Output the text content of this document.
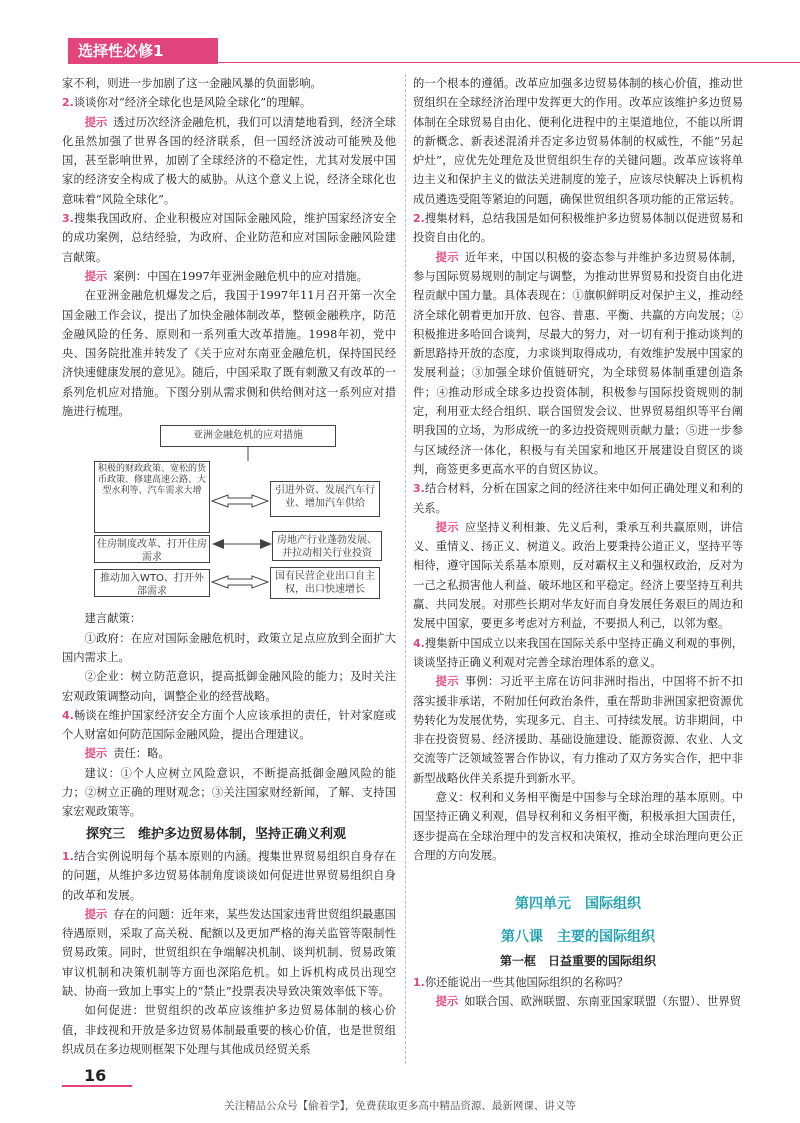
选择性必修1

家不利，则进一步加剧了这一金融风暴的负面影响。

2.谈谈你对“经济全球化也是风险全球化”的理解。

提示 透过历次经济金融危机，我们可以清楚地看到，经济全球化虽然加强了世界各国的经济联系，但一国经济波动可能殃及他国，甚至影响世界，加剧了全球经济的不稳定性，尤其对发展中国家的经济安全构成了极大的威胁。从这个意义上说，经济全球化也意味着“风险全球化”。

3.搜集我国政府、企业积极应对国际金融风险，维护国家经济安全的成功案例，总结经验，为政府、企业防范和应对国际金融风险建言献策。

提示 案例：中国在1997年亚洲金融危机中的应对措施。

在亚洲金融危机爆发之后，我国于1997年11月召开第一次全国金融工作会议，提出了加快金融体制改革，整顿金融秩序，防范金融风险的任务、原则和一系列重大改革措施。1998年初，党中央、国务院批准并转发了《关于应对东南亚金融危机，保持国民经济快速健康发展的意见》。随后，中国采取了既有刺激又有改革的一系列危机应对措施。下图分别从需求侧和供给侧对这一系列应对措施进行梳理。

亚洲金融危机的应对措施
积极的财政政策、宽松的货币政策、修建高速公路、大型水利等、汽车需求大增	引进外资、发展汽车行业、增加汽车供给
住房制度改革、打开住房需求
房地产行业蓬勃发展、并拉动相关行业投资
推动加入WTO、打开外部需求
国有民营企业出口自主权，出口快速增长

建言献策：

①政府：在应对国际金融危机时，政策立足点应放到全面扩大国内需求上。

②企业：树立防范意识，提高抵御金融风险的能力；及时关注宏观政策调整动向，调整企业的经营战略。

4.畅谈在维护国家经济安全方面个人应该承担的责任，针对家庭或个人财富如何防范国际金融风险，提出合理建议。

提示 责任：略。

建议：①个人应树立风险意识，不断提高抵御金融风险的能力；②树立正确的理财观念；③关注国家财经新闻，了解、支持国家宏观政策等。

探究三　维护多边贸易体制，坚持正确义利观

1.结合实例说明每个基本原则的内涵。搜集世界贸易组织自身存在的问题，从维护多边贸易体制角度谈谈如何促进世界贸易组织自身的改革和发展。

提示 存在的问题：近年来，某些发达国家违背世贸组织最惠国待遇原则，采取了高关税、配额以及更加严格的海关监管等限制性贸易政策。同时，世贸组织在争端解决机制、谈判机制、贸易政策审议机制和决策机制等方面也深陷危机。如上诉机构成员出现空缺、协商一致加上事实上的“禁止”投票表决导致决策效率低下等。

如何促进：世贸组织的改革应该维护多边贸易体制的核心价值，非歧视和开放是多边贸易体制最重要的核心价值，也是世贸组织成员在多边规则框架下处理与其他成员经贸关系

的一个根本的遵循。改革应加强多边贸易体制的核心价值，推动世贸组织在全球经济治理中发挥更大的作用。改革应该维护多边贸易体制在全球贸易自由化、便利化进程中的主渠道地位，不能以所谓的新概念、新表述混淆并否定多边贸易体制的权威性，不能“另起炉灶”，应优先处理危及世贸组织生存的关键问题。改革应该将单边主义和保护主义的做法关进制度的笼子，应该尽快解决上诉机构成员遴选受阻等紧迫的问题，确保世贸组织各项功能的正常运转。

2.搜集材料，总结我国是如何积极维护多边贸易体制以促进贸易和投资自由化的。

提示 近年来，中国以积极的姿态参与并维护多边贸易体制，参与国际贸易规则的制定与调整，为推动世界贸易和投资自由化进程贡献中国力量。具体表现在：①旗帜鲜明反对保护主义，推动经济全球化朝着更加开放、包容、普惠、平衡、共赢的方向发展；②积极推进多哈回合谈判，尽最大的努力，对一切有利于推动谈判的新思路持开放的态度，力求谈判取得成功，有效维护发展中国家的发展利益；③加强全球价值链研究，为全球贸易体制重建创造条件；④推动形成全球多边投资体制，积极参与国际投资规则的制定，利用亚太经合组织、联合国贸发会议、世界贸易组织等平台阐明我国的立场，为形成统一的多边投资规则贡献力量；⑤进一步参与区域经济一体化，积极与有关国家和地区开展建设自贸区的谈判，商签更多更高水平的自贸区协议。

3.结合材料，分析在国家之间的经济往来中如何正确处理义和利的关系。

提示 应坚持义利相兼、先义后利，秉承互利共赢原则，讲信义、重情义、扬正义、树道义。政治上要秉持公道正义，坚持平等相待，遵守国际关系基本原则，反对霸权主义和强权政治，反对为一己之私损害他人利益、破坏地区和平稳定。经济上要坚持互利共赢、共同发展。对那些长期对华友好而自身发展任务艰巨的周边和发展中国家，要更多考虑对方利益，不要损人利己，以邻为壑。

4.搜集新中国成立以来我国在国际关系中坚持正确义利观的事例，谈谈坚持正确义利观对完善全球治理体系的意义。

提示 事例：习近平主席在访问非洲时指出，中国将不折不扣落实援非承诺，不附加任何政治条件，重在帮助非洲国家把资源优势转化为发展优势，实现多元、自主、可持续发展。访非期间，中非在投资贸易、经济援助、基础设施建设、能源资源、农业、人文交流等广泛领域签署合作协议，有力推动了双方务实合作，把中非新型战略伙伴关系提升到新水平。

意义：权利和义务相平衡是中国参与全球治理的基本原则。中国坚持正确义利观，倡导权利和义务相平衡，积极承担大国责任，逐步提高在全球治理中的发言权和决策权，推动全球治理向更公正合理的方向发展。

第四单元　国际组织

第八课　主要的国际组织

第一框　日益重要的国际组织

1.你还能说出一些其他国际组织的名称吗？

提示 如联合国、欧洲联盟、东南亚国家联盟（东盟）、世界贸

16
关注精品公众号【偷着学】，免费获取更多高中精品资源、最新网课、讲义等
